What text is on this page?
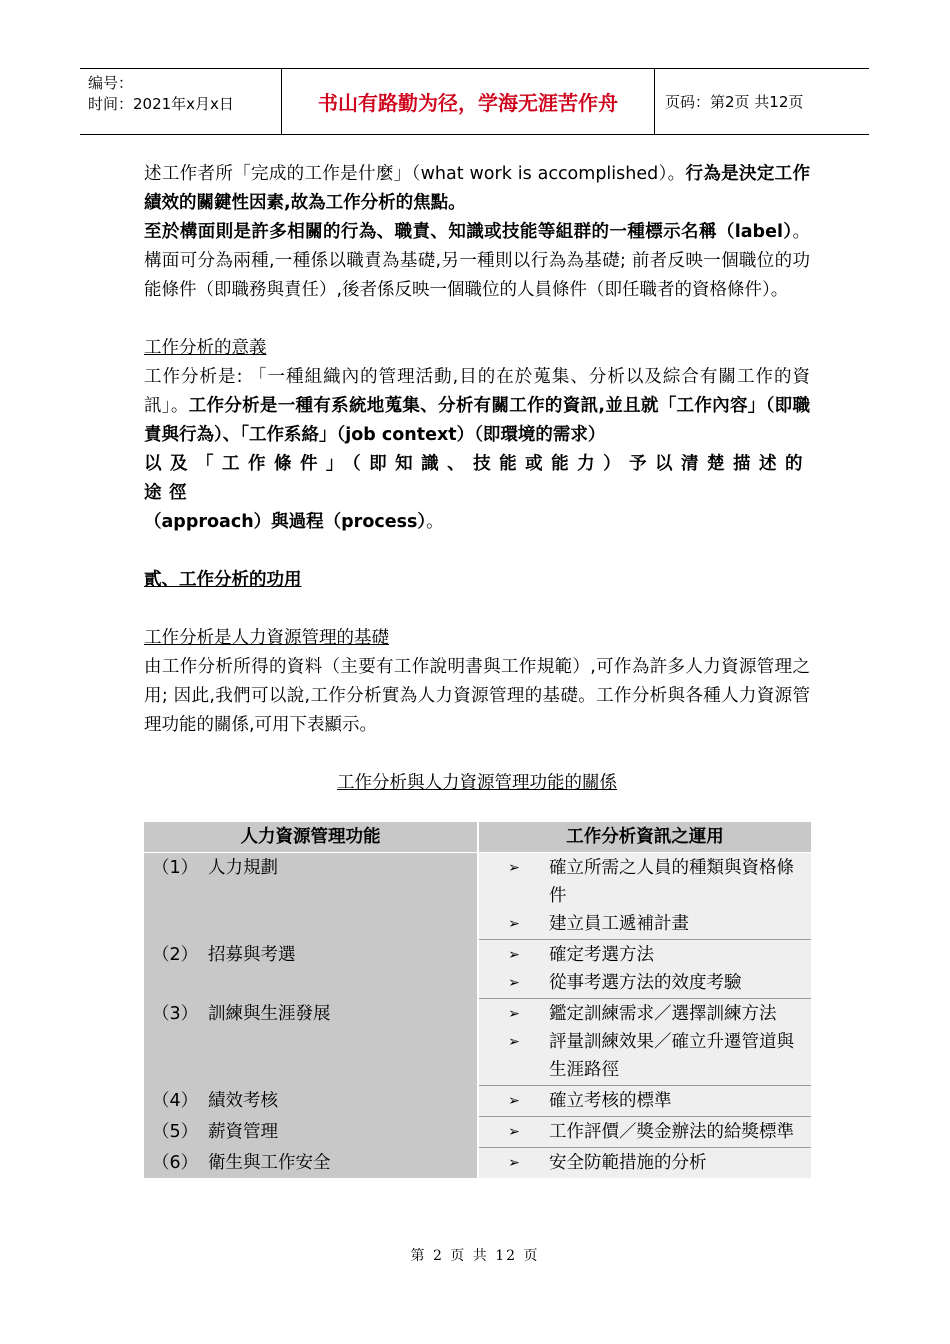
编号：
时间：2021年x月x日	书山有路勤为径，学海无涯苦作舟	页码：第2页 共12页

述工作者所「完成的工作是什麼」（what work is accomplished）。行為是決定工作績效的關鍵性因素,故為工作分析的焦點。

至於構面則是許多相關的行為、職責、知識或技能等組群的一種標示名稱（label）。構面可分為兩種,一種係以職責為基礎,另一種則以行為為基礎; 前者反映一個職位的功能條件（即職務與責任）,後者係反映一個職位的人員條件（即任職者的資格條件）。

工作分析的意義

工作分析是: 「一種組織內的管理活動,目的在於蒐集、分析以及綜合有關工作的資訊」。工作分析是一種有系統地蒐集、分析有關工作的資訊,並且就「工作內容」（即職責與行為）、「工作系絡」（job context）（即環境的需求）
以及「工作條件」（即知識、技能或能力）予以清楚描述的途徑
（approach）與過程（process）。

貳、工作分析的功用

工作分析是人力資源管理的基礎

由工作分析所得的資料（主要有工作說明書與工作規範）,可作為許多人力資源管理之用; 因此,我們可以說,工作分析實為人力資源管理的基礎。工作分析與各種人力資源管理功能的關係,可用下表顯示。

工作分析與人力資源管理功能的關係

人力資源管理功能	工作分析資訊之運用
（1） 人力規劃	➢ 確立所需之人員的種類與資格條件
➢ 建立員工遞補計畫

（2） 招募與考選	➢ 確定考選方法
➢ 從事考選方法的效度考驗

（3） 訓練與生涯發展	➢ 鑑定訓練需求／選擇訓練方法
➢ 評量訓練效果／確立升遷管道與生涯路徑

（4） 績效考核	➢ 確立考核的標準

（5） 薪資管理	➢ 工作評價／獎金辦法的給獎標準

（6） 衛生與工作安全	➢ 安全防範措施的分析
第 2 页 共 12 页
